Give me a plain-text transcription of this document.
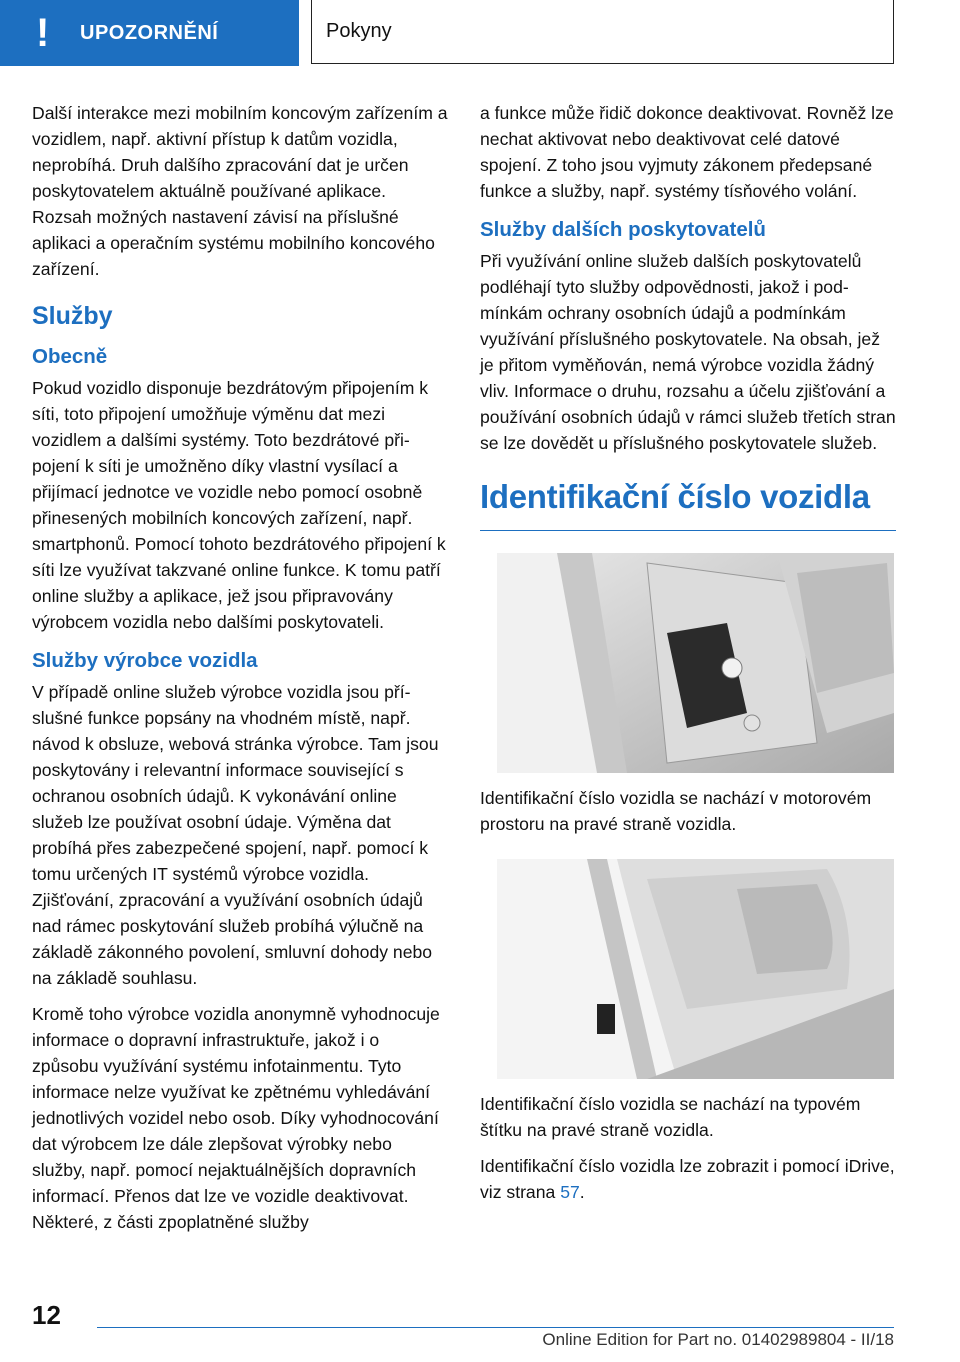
!	UPOZORNĚNÍ	Pokyny

Další interakce mezi mobilním koncovým zařízením a vozidlem, např. aktivní přístup k datům vozidla, neprobíhá. Druh dalšího zpracování dat je určen poskytovatelem aktuálně používané aplikace. Rozsah možných nastavení závisí na příslušné aplikaci a operačním systému mobilního koncového zařízení.

Služby
Obecně

Pokud vozidlo disponuje bezdrátovým připojením k síti, toto připojení umožňuje výměnu dat mezi vozidlem a dalšími systémy. Toto bezdrátové připojení k síti je umožněno díky vlastní vysílací a přijímací jednotce ve vozidle nebo pomocí osobně přinesených mobilních koncových zařízení, např. smartphonů. Pomocí tohoto bezdrátového připojení k síti lze využívat takzvané online funkce. K tomu patří online služby a aplikace, jež jsou připravovány výrobcem vozidla nebo dalšími poskytovateli.

Služby výrobce vozidla

V případě online služeb výrobce vozidla jsou příslušné funkce popsány na vhodném místě, např. návod k obsluze, webová stránka výrobce. Tam jsou poskytovány i relevantní informace související s ochranou osobních údajů. K vykonávání online služeb lze používat osobní údaje. Výměna dat probíhá přes zabezpečené spojení, např. pomocí k tomu určených IT systémů výrobce vozidla. Zjišťování, zpracování a využívání osobních údajů nad rámec poskytování služeb probíhá výlučně na základě zákonného povolení, smluvní dohody nebo na základě souhlasu.

Kromě toho výrobce vozidla anonymně vyhodnocuje informace o dopravní infrastruktuře, jakož i o způsobu využívání systému infotainmentu. Tyto informace nelze využívat ke zpětnému vyhledávání jednotlivých vozidel nebo osob. Díky vyhodnocování dat výrobcem lze dále zlepšovat výrobky nebo služby, např. pomocí nejaktuálnějších dopravních informací. Přenos dat lze ve vozidle deaktivovat. Některé, z části zpoplatněné služby

a funkce může řidič dokonce deaktivovat. Rovněž lze nechat aktivovat nebo deaktivovat celé datové spojení. Z toho jsou vyjmuty zákonem předepsané funkce a služby, např. systémy tísňového volání.

Služby dalších poskytovatelů

Při využívání online služeb dalších poskytovatelů podléhají tyto služby odpovědnosti, jakož i podmínkám ochrany osobních údajů a podmínkám využívání příslušného poskytovatele. Na obsah, jež je přitom vyměňován, nemá výrobce vozidla žádný vliv. Informace o druhu, rozsahu a účelu zjišťování a používání osobních údajů v rámci služeb třetích stran se lze dovědět u příslušného poskytovatele služeb.

Identifikační číslo vozidla

Identifikační číslo vozidla se nachází v motorovém prostoru na pravé straně vozidla.

Identifikační číslo vozidla se nachází na typovém štítku na pravé straně vozidla.

Identifikační číslo vozidla lze zobrazit i pomocí iDrive, viz strana 57.

12
Online Edition for Part no. 01402989804 - II/18
